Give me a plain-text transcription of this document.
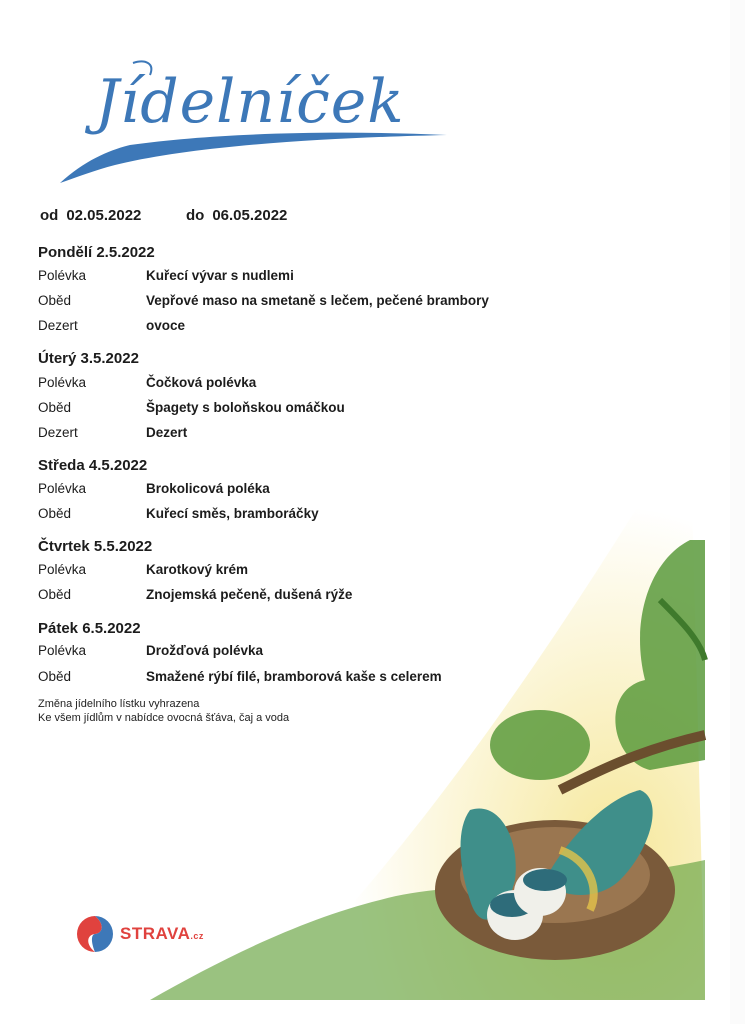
Jídelníček
od 02.05.2022	do 06.05.2022
Pondělí 2.5.2022
Polévka	Kuřecí vývar s nudlemi
Oběd	Vepřové maso na smetaně s lečem, pečené brambory
Dezert	ovoce
Úterý 3.5.2022
Polévka	Čočková polévka
Oběd	Špagety s boloňskou omáčkou
Dezert	Dezert
Středa 4.5.2022
Polévka	Brokolicová poléka
Oběd	Kuřecí směs, bramboráčky
Čtvrtek 5.5.2022
Polévka	Karotkový krém
Oběd	Znojemská pečeně, dušená rýže
Pátek 6.5.2022
Polévka	Drožďová polévka
Oběd	Smažené rýbí filé, bramborová kaše s celerem
Změna jídelního lístku vyhrazena
Ke všem jídlům v nabídce ovocná šťáva, čaj a voda
STRAVA.cz
